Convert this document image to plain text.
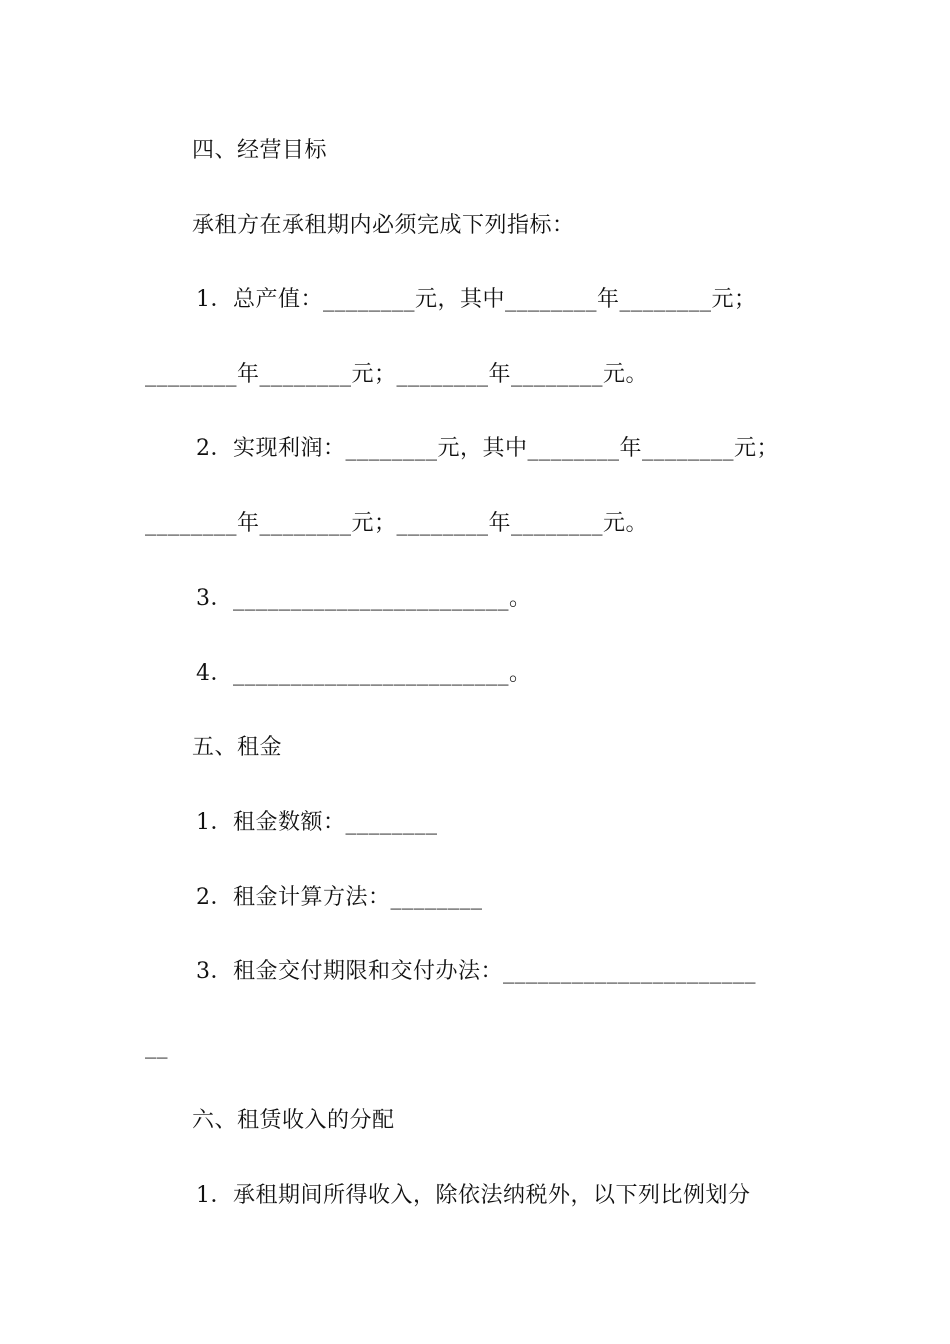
四、经营目标
承租方在承租期内必须完成下列指标：
1．总产值：________元，其中________年________元；
________年________元；________年________元。
2．实现利润：________元，其中________年________元；
________年________元；________年________元。
3．________________________。
4．________________________。
五、租金
1．租金数额：________
2．租金计算方法：________
3．租金交付期限和交付办法：______________________
__
六、租赁收入的分配
1．承租期间所得收入，除依法纳税外，以下列比例划分
